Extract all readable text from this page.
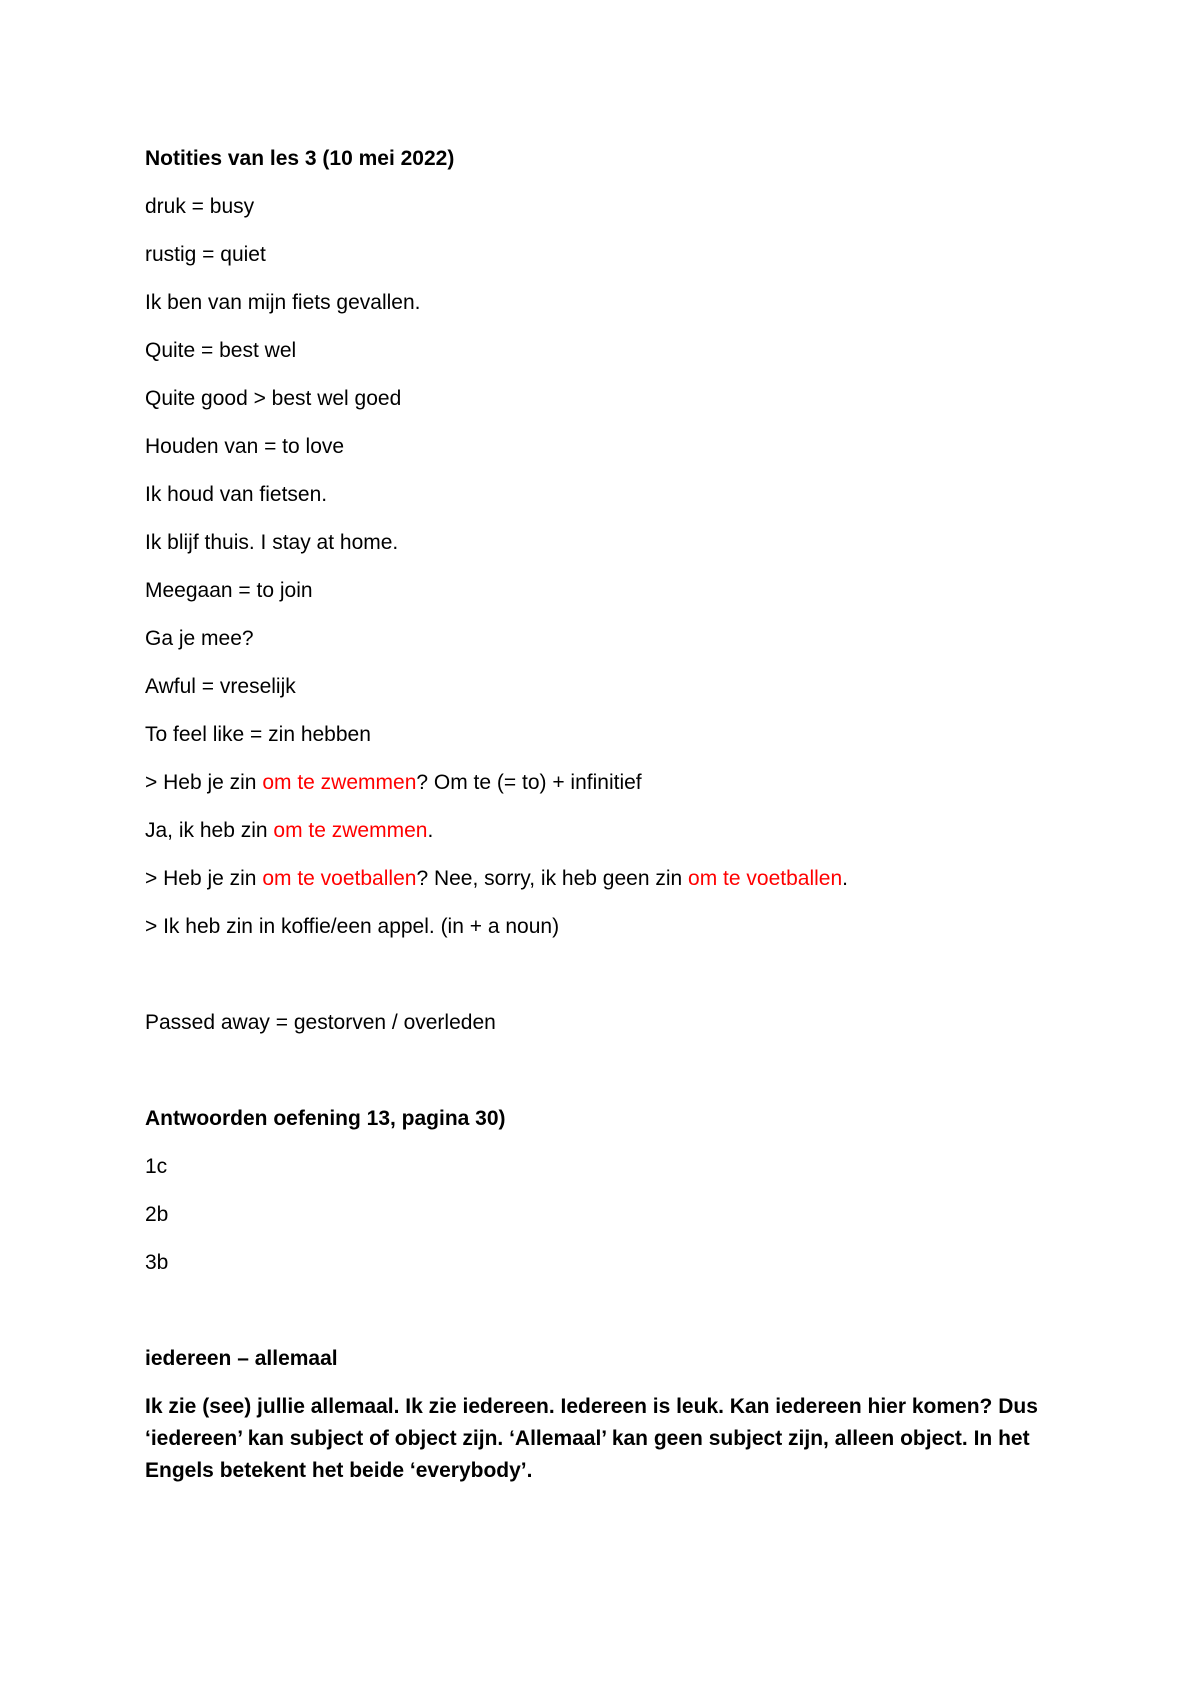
Notities van les 3 (10 mei 2022)
druk = busy
rustig = quiet
Ik ben van mijn fiets gevallen.
Quite = best wel
Quite good > best wel goed
Houden van = to love
Ik houd van fietsen.
Ik blijf thuis. I stay at home.
Meegaan = to join
Ga je mee?
Awful = vreselijk
To feel like = zin hebben
> Heb je zin om te zwemmen? Om te (= to) + infinitief
Ja, ik heb zin om te zwemmen.
> Heb je zin om te voetballen? Nee, sorry, ik heb geen zin om te voetballen.
> Ik heb zin in koffie/een appel. (in + a noun)
Passed away = gestorven / overleden
Antwoorden oefening 13, pagina 30)
1c
2b
3b
iedereen – allemaal
Ik zie (see) jullie allemaal. Ik zie iedereen. Iedereen is leuk. Kan iedereen hier komen? Dus ‘iedereen’ kan subject of object zijn. ‘Allemaal’ kan geen subject zijn, alleen object. In het Engels betekent het beide ‘everybody’.
